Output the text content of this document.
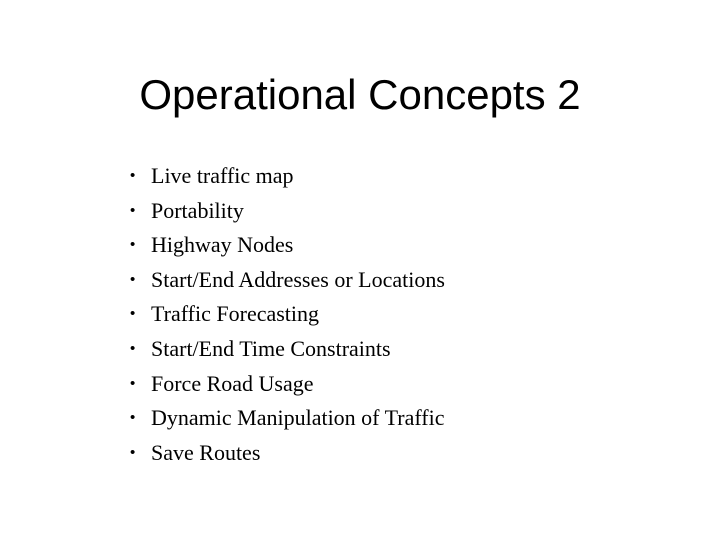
Operational Concepts 2
• Live traffic map
• Portability
• Highway Nodes
• Start/End Addresses or Locations
• Traffic Forecasting
• Start/End Time Constraints
• Force Road Usage
• Dynamic Manipulation of Traffic
• Save Routes
